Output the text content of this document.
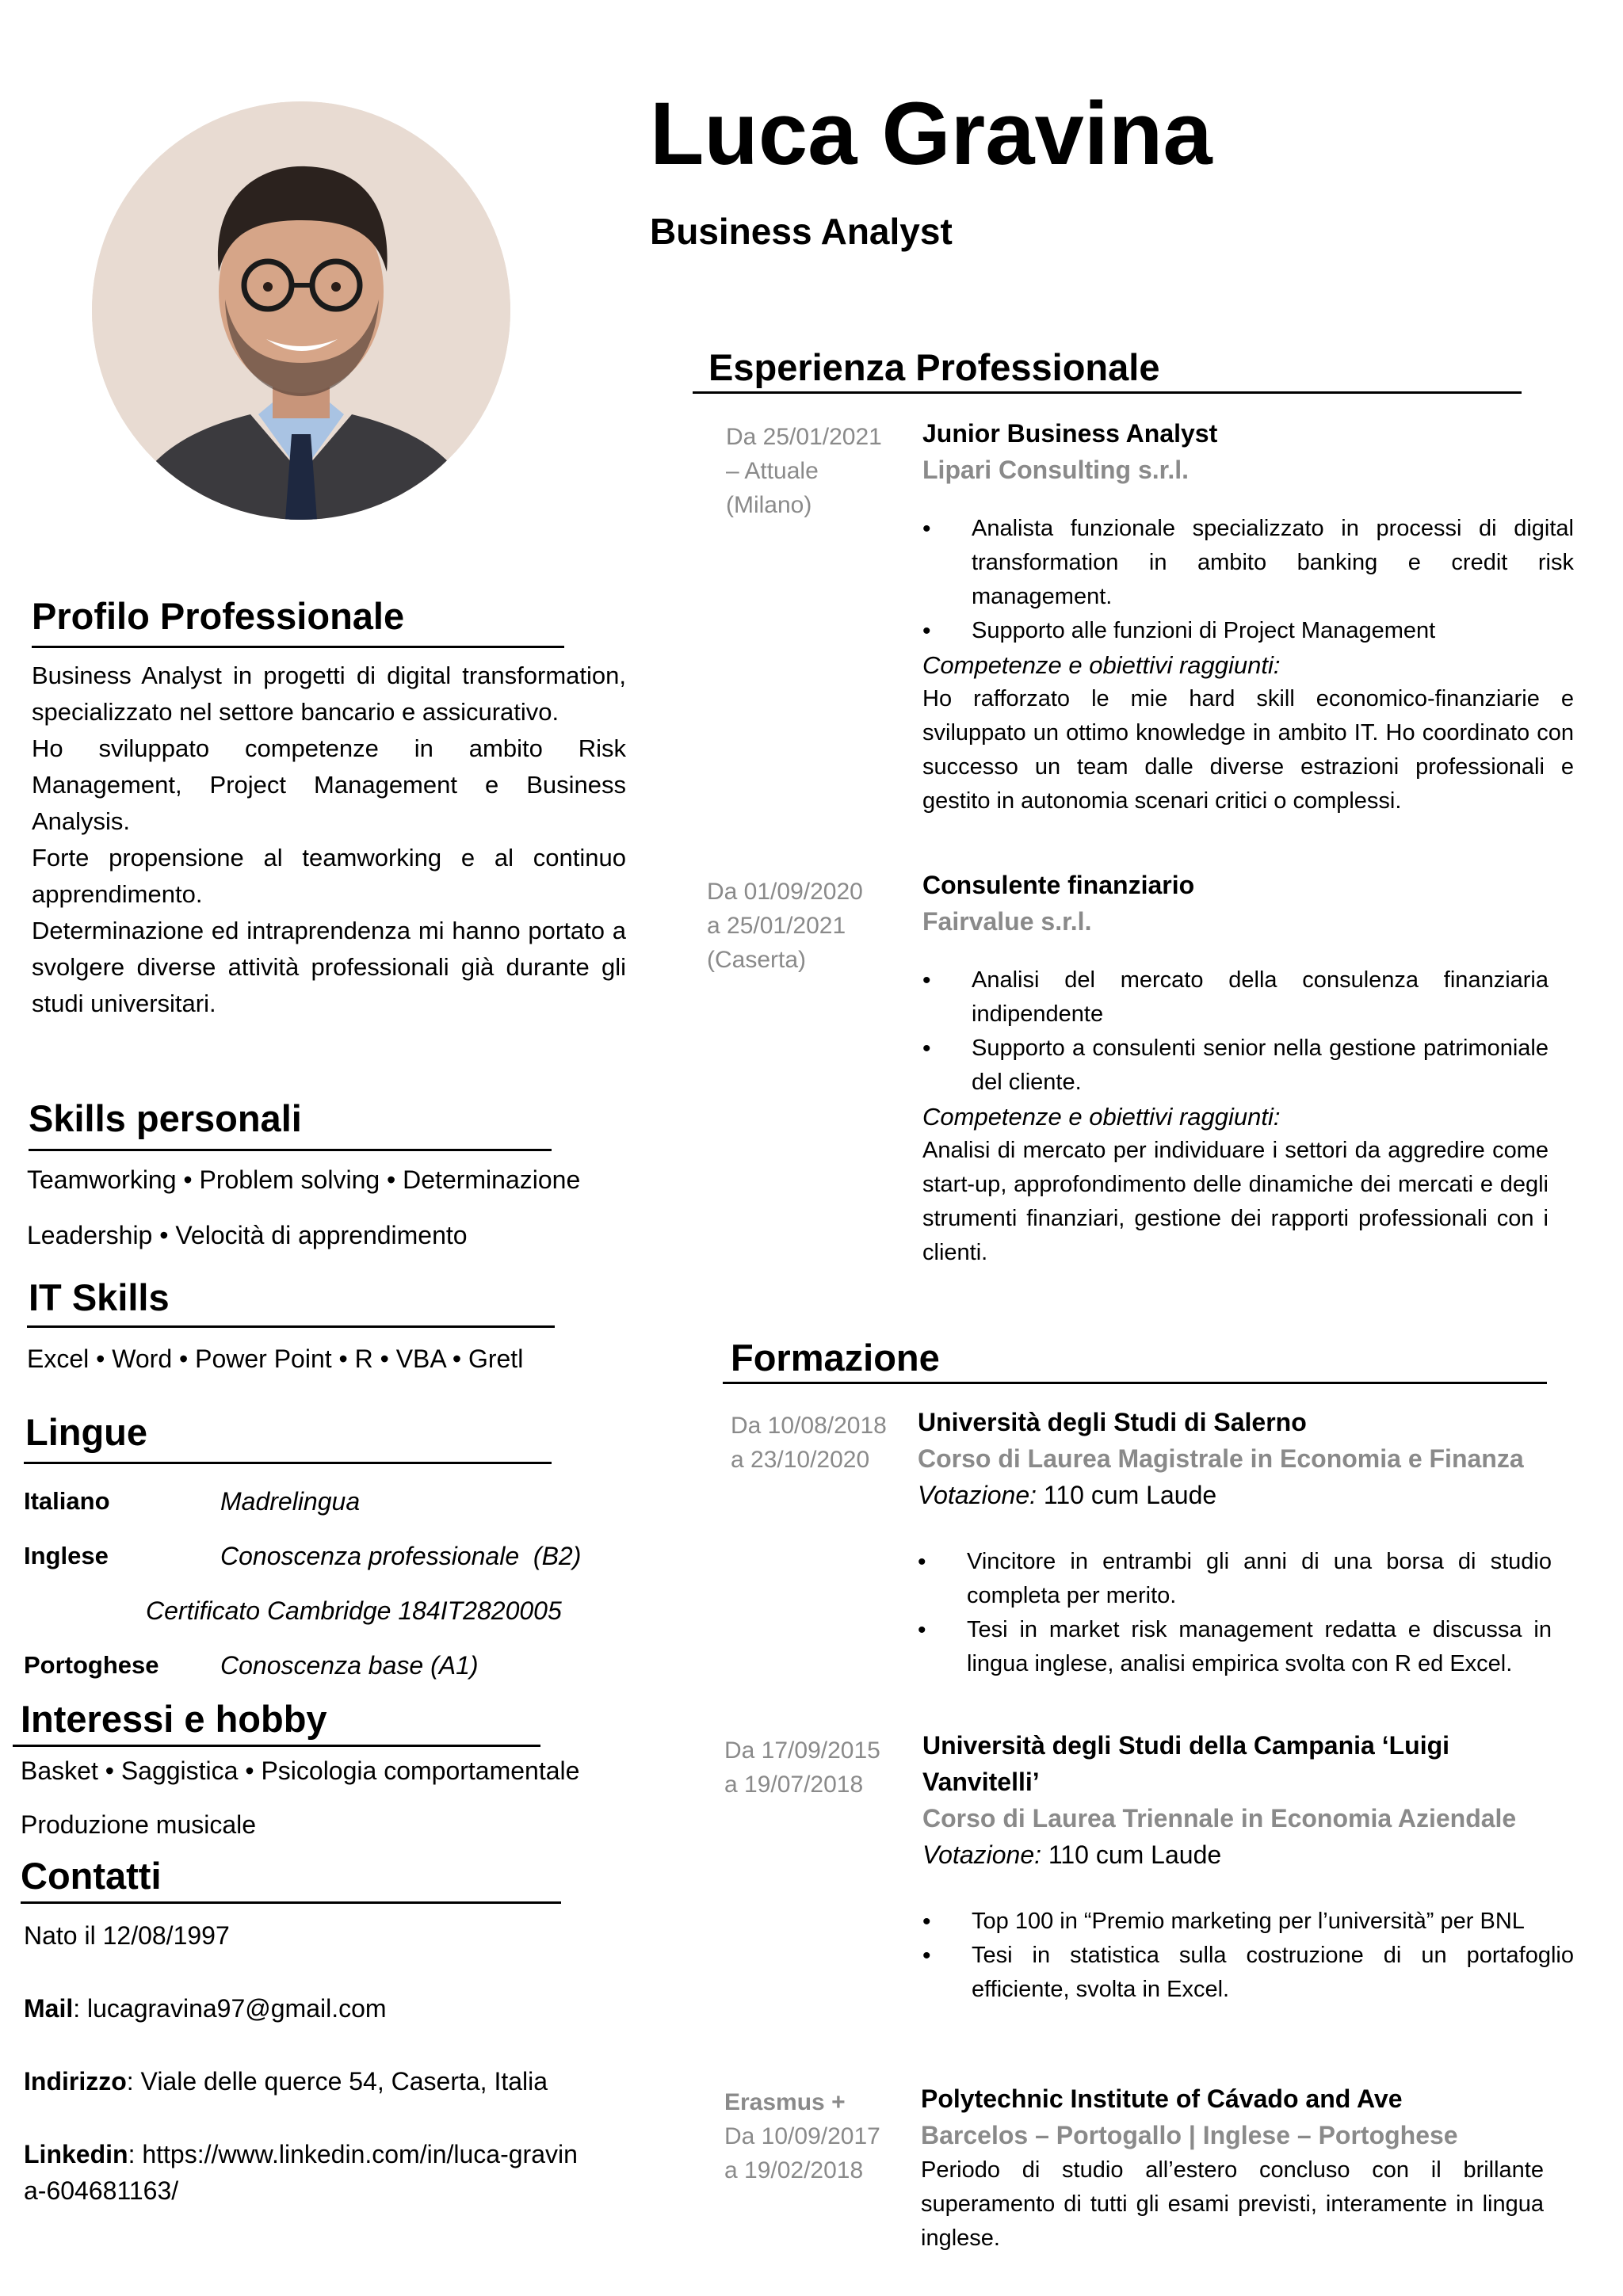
Luca Gravina
Business Analyst
Profilo Professionale
Business Analyst in progetti di digital transformation, specializzato nel settore bancario e assicurativo.
Ho sviluppato competenze in ambito Risk Management, Project Management e Business Analysis.
Forte propensione al teamworking e al continuo apprendimento.
Determinazione ed intraprendenza mi hanno portato a svolgere diverse attività professionali già durante gli studi universitari.
Skills personali
Teamworking • Problem solving • Determinazione
Leadership • Velocità di apprendimento
IT Skills
Excel • Word • Power Point • R • VBA • Gretl
Lingue
Italiano	Madrelingua
Inglese	Conoscenza professionale  (B2)
Certificato Cambridge 184IT2820005
Portoghese Conoscenza base (A1)
Interessi e hobby
Basket • Saggistica • Psicologia comportamentale
Produzione musicale
Contatti
Nato il 12/08/1997
Mail: lucagravina97@gmail.com
Indirizzo: Viale delle querce 54, Caserta, Italia
Linkedin: https://www.linkedin.com/in/luca-gravina-604681163/
Esperienza Professionale
Da 25/01/2021
– Attuale
(Milano)
Junior Business Analyst
Lipari Consulting s.r.l.
• Analista funzionale specializzato in processi di digital transformation in ambito banking e credit risk management.
• Supporto alle funzioni di Project Management
Competenze e obiettivi raggiunti:
Ho rafforzato le mie hard skill economico-finanziarie e sviluppato un ottimo knowledge in ambito IT. Ho coordinato con successo un team dalle diverse estrazioni professionali e gestito in autonomia scenari critici o complessi.
Da 01/09/2020
a 25/01/2021
(Caserta)
Consulente finanziario
Fairvalue s.r.l.
• Analisi del mercato della consulenza finanziaria indipendente
• Supporto a consulenti senior nella gestione patrimoniale del cliente.
Competenze e obiettivi raggiunti:
Analisi di mercato per individuare i settori da aggredire come start-up, approfondimento delle dinamiche dei mercati e degli strumenti finanziari, gestione dei rapporti professionali con i clienti.
Formazione
Da 10/08/2018
a 23/10/2020
Università degli Studi di Salerno
Corso di Laurea Magistrale in Economia e Finanza
Votazione: 110 cum Laude
• Vincitore in entrambi gli anni di una borsa di studio completa per merito.
• Tesi in market risk management redatta e discussa in lingua inglese, analisi empirica svolta con R ed Excel.
Da 17/09/2015
a 19/07/2018
Università degli Studi della Campania ‘Luigi Vanvitelli’
Corso di Laurea Triennale in Economia Aziendale
Votazione: 110 cum Laude
• Top 100 in “Premio marketing per l’università” per BNL
• Tesi in statistica sulla costruzione di un portafoglio efficiente, svolta in Excel.
Erasmus +
Da 10/09/2017
a 19/02/2018
Polytechnic Institute of Cávado and Ave
Barcelos – Portogallo | Inglese – Portoghese
Periodo di studio all’estero concluso con il brillante superamento di tutti gli esami previsti, interamente in lingua inglese.
